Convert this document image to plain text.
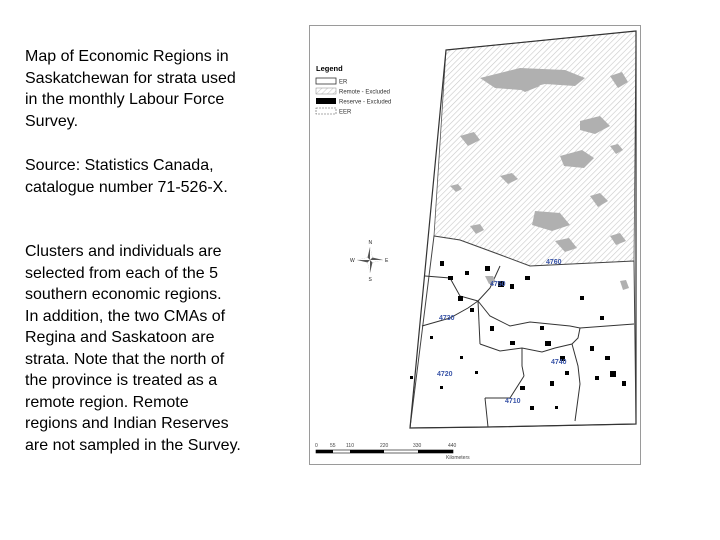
Map of Economic Regions in

Saskatchewan for strata used

in the monthly Labour Force

Survey.

Source: Statistics Canada,

catalogue number 71-526-X.

Clusters and individuals are

selected from each of the 5

southern economic regions.

In addition, the two CMAs of

Regina and Saskatoon are

strata. Note that the north of

the province is treated as a

remote region. Remote

regions and Indian Reserves

are not sampled in the Survey.

4760
4750
4730
4740
4720
4710
Legend
ER
Remote - Excluded
Reserve - Excluded
EER
N
E
S
W
0 55 110	220	330	440
Kilometers
